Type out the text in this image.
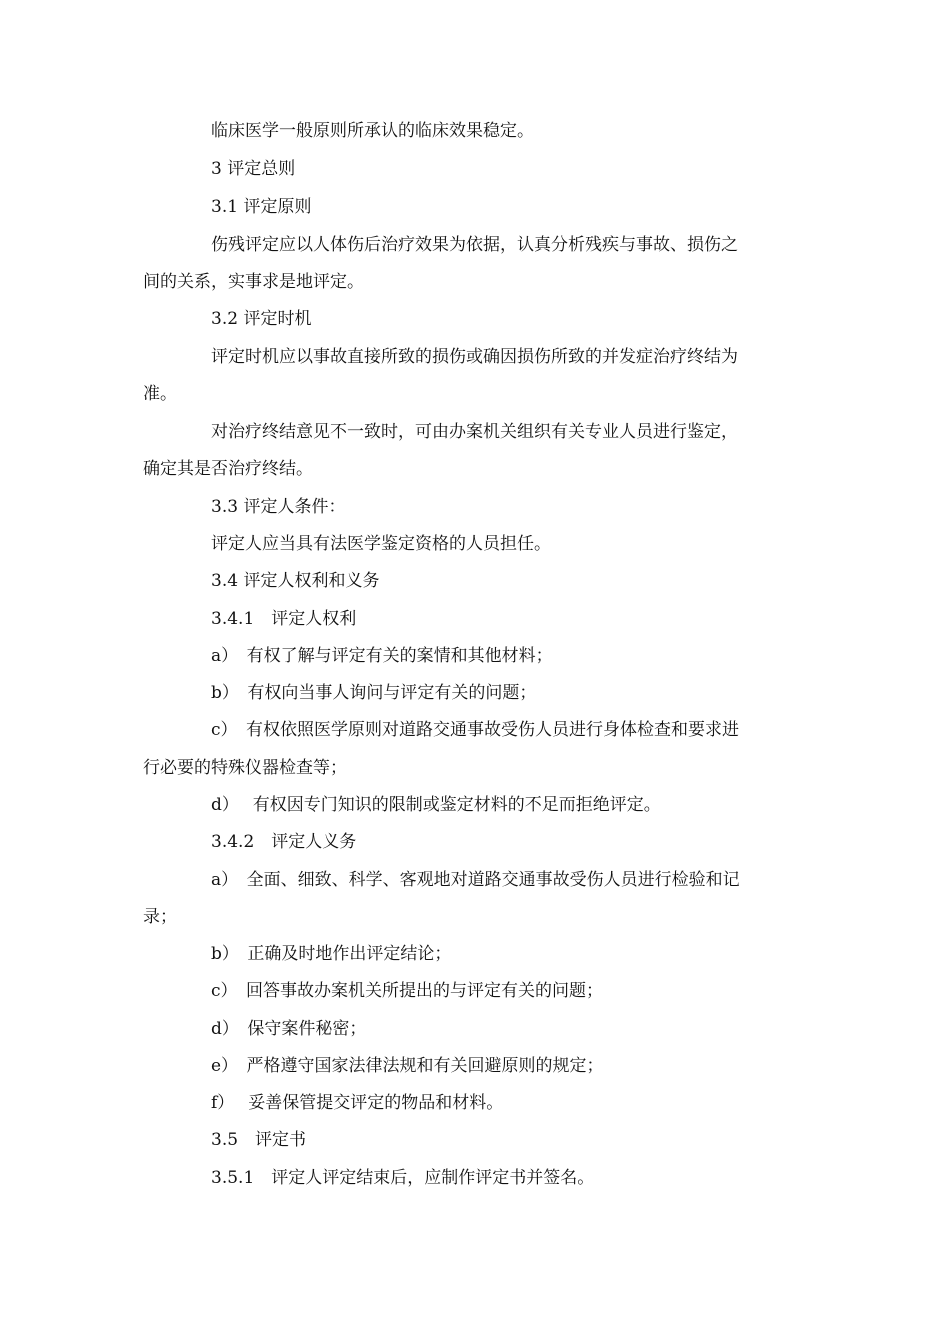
临床医学一般原则所承认的临床效果稳定。
3 评定总则
3.1 评定原则
伤残评定应以人体伤后治疗效果为依据，认真分析残疾与事故、损伤之
间的关系，实事求是地评定。
3.2 评定时机
评定时机应以事故直接所致的损伤或确因损伤所致的并发症治疗终结为
准。
对治疗终结意见不一致时，可由办案机关组织有关专业人员进行鉴定，
确定其是否治疗终结。
3.3 评定人条件：
评定人应当具有法医学鉴定资格的人员担任。
3.4 评定人权利和义务
3.4.1　评定人权利
a）　有权了解与评定有关的案情和其他材料；
b）　有权向当事人询问与评定有关的问题；
c）　有权依照医学原则对道路交通事故受伤人员进行身体检查和要求进
行必要的特殊仪器检查等；
d）　 有权因专门知识的限制或鉴定材料的不足而拒绝评定。
3.4.2　评定人义务
a）　全面、细致、科学、客观地对道路交通事故受伤人员进行检验和记
录；
b）　正确及时地作出评定结论；
c）　回答事故办案机关所提出的与评定有关的问题；
d）　保守案件秘密；
e）　严格遵守国家法律法规和有关回避原则的规定；
f）　 妥善保管提交评定的物品和材料。
3.5　评定书
3.5.1　评定人评定结束后，应制作评定书并签名。
